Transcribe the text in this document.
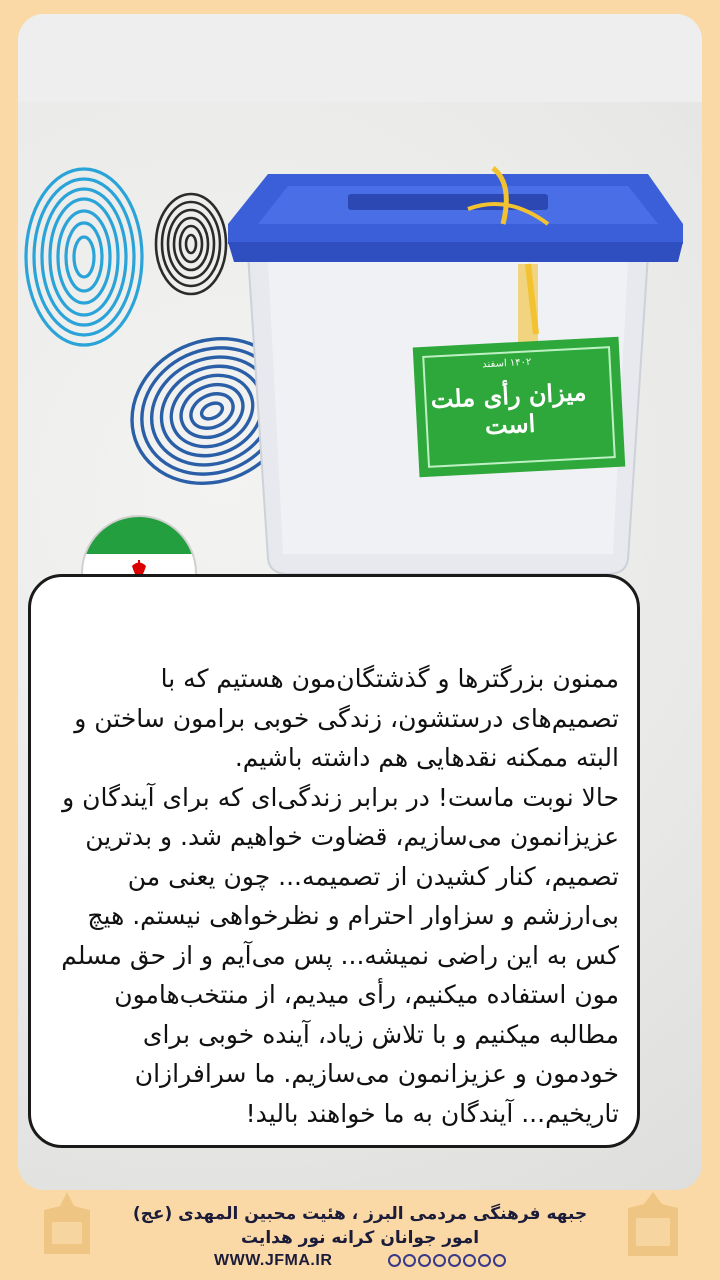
۱۴۰۲ اسفند
میزان رأی ملت است

ممنون بزرگترها و گذشتگان‌مون هستیم که با
تصمیم‌های درستشون، زندگی خوبی برامون ساختن و
البته ممکنه نقدهایی هم داشته باشیم.
حالا نوبت ماست! در برابر زندگی‌ای که برای آیندگان و
عزیزانمون می‌سازیم، قضاوت خواهیم شد. و بدترین
تصمیم، کنار کشیدن از تصمیمه... چون یعنی من
بی‌ارزشم و سزاوار احترام و نظرخواهی نیستم. هیچ
کس به این راضی نمیشه... پس می‌آیم و از حق مسلم
مون استفاده میکنیم، رأی میدیم، از منتخب‌هامون
مطالبه میکنیم و با تلاش زیاد، آینده خوبی برای
خودمون و عزیزانمون می‌سازیم. ما سرافرازان
تاریخیم... آیندگان به ما خواهند بالید!

جبهه فرهنگی مردمی البرز ، هئیت محبین المهدی (عج)
امور جوانان کرانه نور هدایت
WWW.JFMA.IR
